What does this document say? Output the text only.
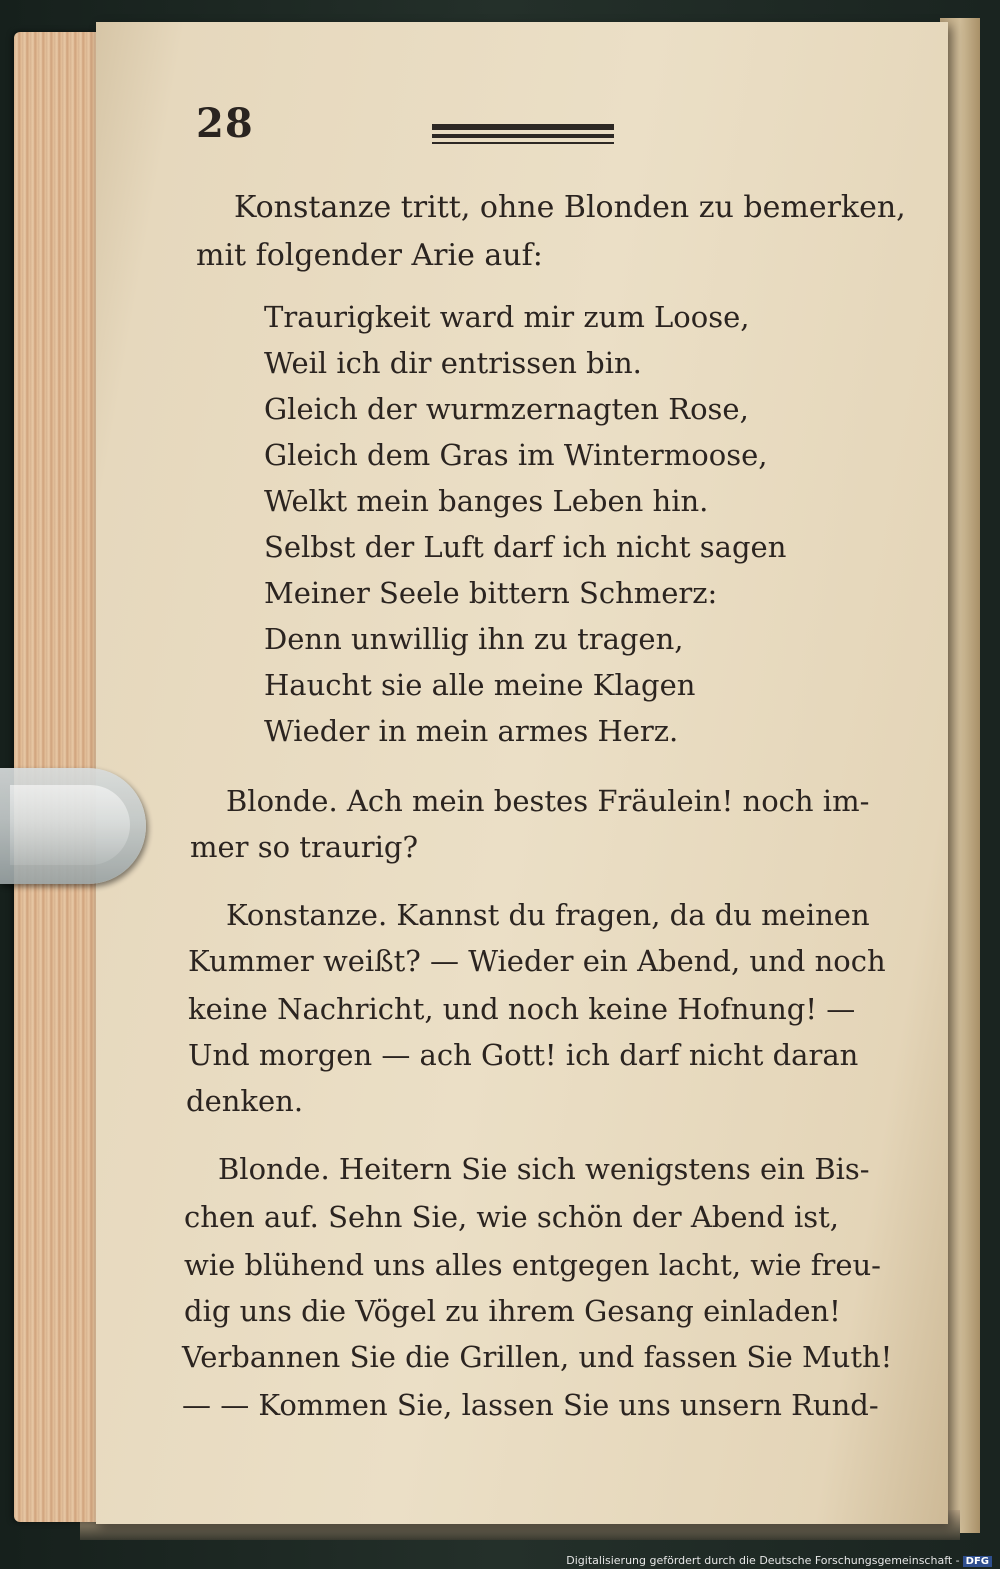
28
Konstanze tritt, ohne Blonden zu bemerken,
mit folgender Arie auf:
Traurigkeit ward mir zum Loose,
Weil ich dir entrissen bin.
Gleich der wurmzernagten Rose,
Gleich dem Gras im Wintermoose,
Welkt mein banges Leben hin.
Selbst der Luft darf ich nicht sagen
Meiner Seele bittern Schmerz:
Denn unwillig ihn zu tragen,
Haucht sie alle meine Klagen
Wieder in mein armes Herz.
Blonde. Ach mein bestes Fräulein! noch im-
mer so traurig?
Konstanze. Kannst du fragen, da du meinen
Kummer weißt? — Wieder ein Abend, und noch
keine Nachricht, und noch keine Hofnung! —
Und morgen — ach Gott! ich darf nicht daran
denken.
Blonde. Heitern Sie sich wenigstens ein Bis-
chen auf. Sehn Sie, wie schön der Abend ist,
wie blühend uns alles entgegen lacht, wie freu-
dig uns die Vögel zu ihrem Gesang einladen!
Verbannen Sie die Grillen, und fassen Sie Muth!
— — Kommen Sie, lassen Sie uns unsern Rund-
Digitalisierung gefördert durch die Deutsche Forschungsgemeinschaft - DFG
